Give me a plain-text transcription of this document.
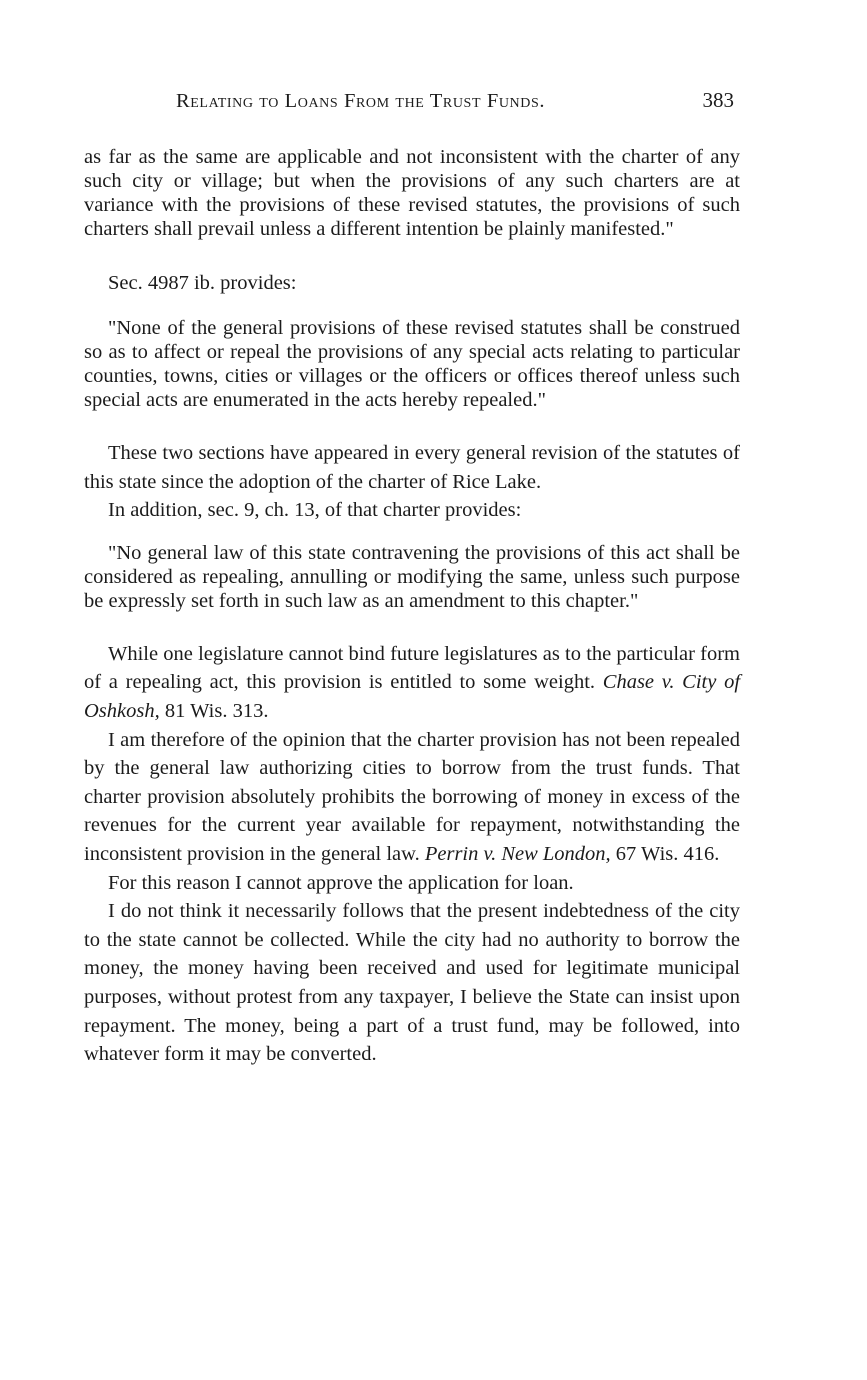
Relating to Loans From the Trust Funds.	383

as far as the same are applicable and not inconsistent with the charter of any such city or village; but when the provisions of any such charters are at variance with the provisions of these revised statutes, the provisions of such charters shall prevail unless a different intention be plainly manifested."

Sec. 4987 ib. provides:

"None of the general provisions of these revised statutes shall be construed so as to affect or repeal the provisions of any special acts relating to particular counties, towns, cities or villages or the officers or offices thereof unless such special acts are enumerated in the acts hereby repealed."

These two sections have appeared in every general revision of the statutes of this state since the adoption of the charter of Rice Lake.

In addition, sec. 9, ch. 13, of that charter provides:

"No general law of this state contravening the provisions of this act shall be considered as repealing, annulling or modifying the same, unless such purpose be expressly set forth in such law as an amendment to this chapter."

While one legislature cannot bind future legislatures as to the particular form of a repealing act, this provision is entitled to some weight. Chase v. City of Oshkosh, 81 Wis. 313.

I am therefore of the opinion that the charter provision has not been repealed by the general law authorizing cities to borrow from the trust funds. That charter provision absolutely prohibits the borrowing of money in excess of the revenues for the current year available for repayment, notwithstanding the inconsistent provision in the general law. Perrin v. New London, 67 Wis. 416.

For this reason I cannot approve the application for loan.

I do not think it necessarily follows that the present indebtedness of the city to the state cannot be collected. While the city had no authority to borrow the money, the money having been received and used for legitimate municipal purposes, without protest from any taxpayer, I believe the State can insist upon repayment. The money, being a part of a trust fund, may be followed, into whatever form it may be converted.
